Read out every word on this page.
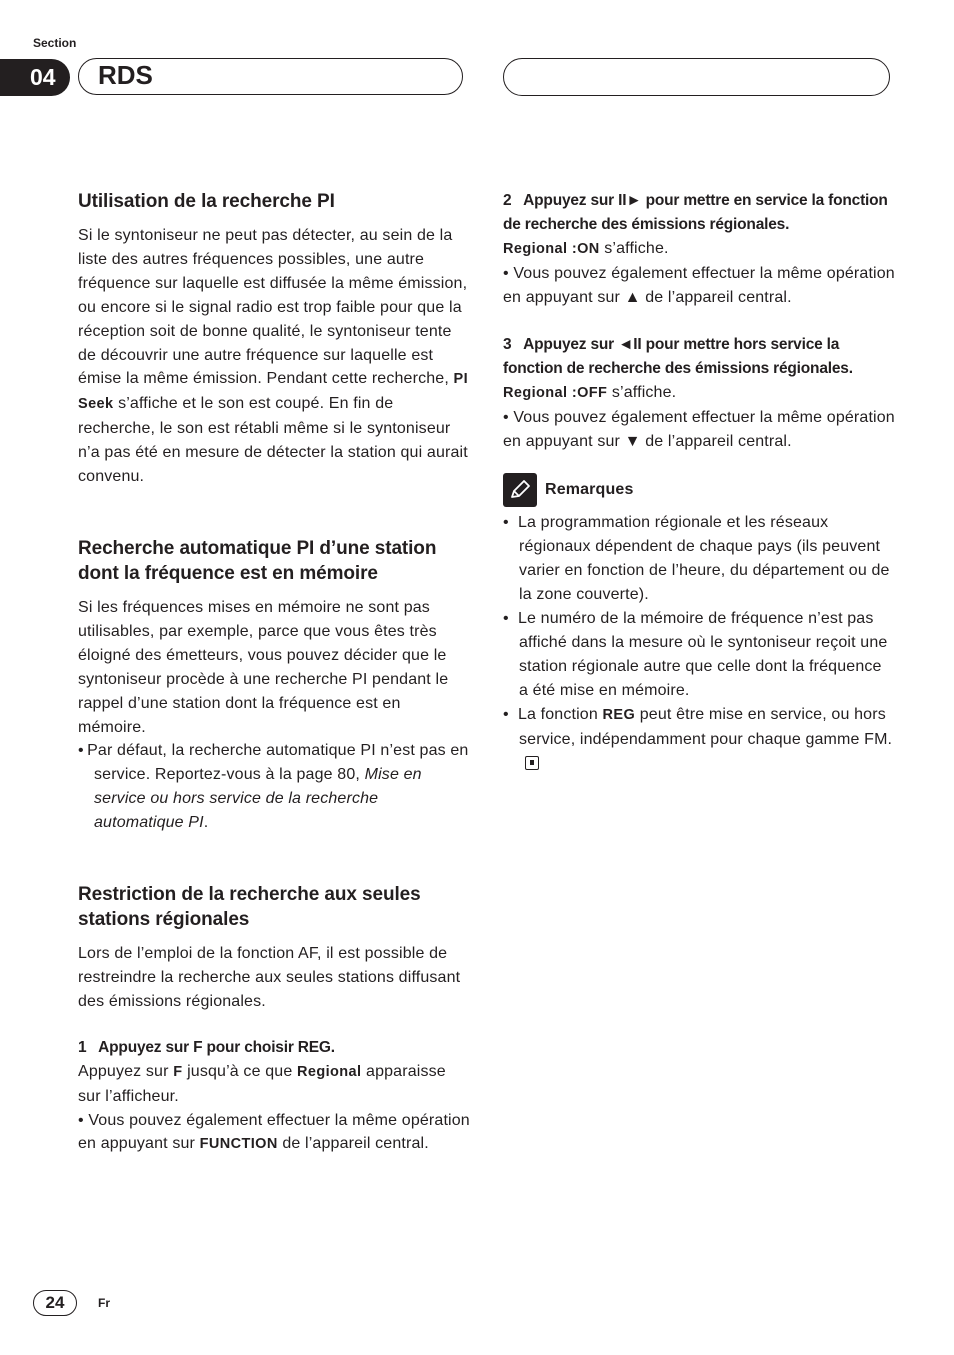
Section
04	RDS
Utilisation de la recherche PI

Si le syntoniseur ne peut pas détecter, au sein de la liste des autres fréquences possibles, une autre fréquence sur laquelle est diffusée la même émission, ou encore si le signal radio est trop faible pour que la réception soit de bonne qualité, le syntoniseur tente de découvrir une autre fréquence sur laquelle est émise la même émission. Pendant cette recherche, PI Seek s’affiche et le son est coupé. En fin de recherche, le son est rétabli même si le syntoniseur n’a pas été en mesure de détecter la station qui aurait convenu.

Recherche automatique PI d’une station dont la fréquence est en mémoire

Si les fréquences mises en mémoire ne sont pas utilisables, par exemple, parce que vous êtes très éloigné des émetteurs, vous pouvez décider que le syntoniseur procède à une recherche PI pendant le rappel d’une station dont la fréquence est en mémoire.

• Par défaut, la recherche automatique PI n’est pas en service. Reportez-vous à la page 80, Mise en service ou hors service de la recherche automatique PI.

Restriction de la recherche aux seules stations régionales

Lors de l’emploi de la fonction AF, il est possible de restreindre la recherche aux seules stations diffusant des émissions régionales.

1 Appuyez sur F pour choisir REG.

Appuyez sur F jusqu’à ce que Regional apparaisse sur l’afficheur.

• Vous pouvez également effectuer la même opération en appuyant sur FUNCTION de l’appareil central.

2 Appuyez sur II► pour mettre en service la fonction de recherche des émissions régionales.

Regional :ON s’affiche.

• Vous pouvez également effectuer la même opération en appuyant sur ▲ de l’appareil central.

3 Appuyez sur ◄II pour mettre hors service la fonction de recherche des émissions régionales.

Regional :OFF s’affiche.

• Vous pouvez également effectuer la même opération en appuyant sur ▼ de l’appareil central.

Remarques

•  La programmation régionale et les réseaux régionaux dépendent de chaque pays (ils peuvent varier en fonction de l’heure, du département ou de la zone couverte).

•  Le numéro de la mémoire de fréquence n’est pas affiché dans la mesure où le syntoniseur reçoit une station régionale autre que celle dont la fréquence a été mise en mémoire.

•  La fonction REG peut être mise en service, ou hors service, indépendamment pour chaque gamme FM.

24	Fr
